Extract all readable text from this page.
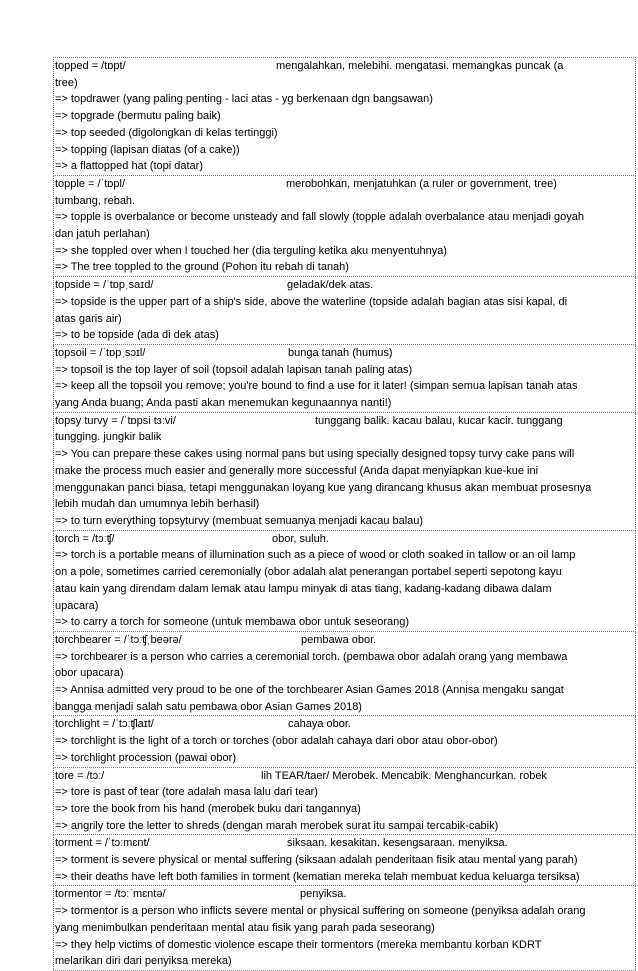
topped = /tɒpt/	mengalahkan, melebihi. mengatasi. memangkas puncak (a
tree)
=> topdrawer (yang paling penting - laci atas - yg berkenaan dgn bangsawan)
=> topgrade (bermutu paling baik)
=> top seeded (digolongkan di kelas tertinggi)
=> topping (lapisan diatas (of a cake))
=> a flattopped hat (topi datar)
topple = /ˈtɒpl/	merobohkan, menjatuhkan (a ruler or government, tree)
tumbang, rebah.
=> topple is overbalance or become unsteady and fall slowly (topple adalah overbalance atau menjadi goyah
dan jatuh perlahan)
=> she toppled over when I touched her (dia terguling ketika aku menyentuhnya)
=> The tree toppled to the ground (Pohon itu rebah di tanah)
topside = /ˈtɒpˌsaɪd/	geladak/dek atas.
=> topside is the upper part of a ship's side, above the waterline (topside adalah bagian atas sisi kapal, di
atas garis air)
=> to be topside (ada di dek atas)
topsoil = /ˈtɒpˌsɔɪl/	bunga tanah (humus)
=> topsoil is the top layer of soil (topsoil adalah lapisan tanah paling atas)
=> keep all the topsoil you remove; you're bound to find a use for it later! (simpan semua lapisan tanah atas
yang Anda buang; Anda pasti akan menemukan kegunaannya nanti!)
topsy turvy = /ˈtɒpsi tɜːvi/	tunggang balik. kacau balau, kucar kacir. tunggang
tungging. jungkir balik
=> You can prepare these cakes using normal pans but using specially designed topsy turvy cake pans will
make the process much easier and generally more successful (Anda dapat menyiapkan kue-kue ini
menggunakan panci biasa, tetapi menggunakan loyang kue yang dirancang khusus akan membuat prosesnya
lebih mudah dan umumnya lebih berhasil)
=> to turn everything topsyturvy (membuat semuanya menjadi kacau balau)
torch = /tɔːʧ/	obor, suluh.
=> torch is a portable means of illumination such as a piece of wood or cloth soaked in tallow or an oil lamp
on a pole, sometimes carried ceremonially (obor adalah alat penerangan portabel seperti sepotong kayu
atau kain yang direndam dalam lemak atau lampu minyak di atas tiang, kadang-kadang dibawa dalam
upacara)
=> to carry a torch for someone (untuk membawa obor untuk seseorang)
torchbearer = /ˈtɔːʧˌbeərə/	pembawa obor.
=> torchbearer is a person who carries a ceremonial torch. (pembawa obor adalah orang yang membawa
obor upacara)
=> Annisa admitted very proud to be one of the torchbearer Asian Games 2018 (Annisa mengaku sangat
bangga menjadi salah satu pembawa obor Asian Games 2018)
torchlight = /ˈtɔːʧlaɪt/	cahaya obor.
=> torchlight is the light of a torch or torches (obor adalah cahaya dari obor atau obor-obor)
=> torchlight procession (pawai obor)
tore = /tɔː/	lih TEAR/taer/ Merobek. Mencabik. Menghancurkan. robek
=> tore is past of tear (tore adalah masa lalu dari tear)
=> tore the book from his hand (merobek buku dari tangannya)
=> angrily tore the letter to shreds (dengan marah merobek surat itu sampai tercabik-cabik)
torment = /ˈtɔːmɛnt/	siksaan. kesakitan. kesengsaraan. menyiksa.
=> torment is severe physical or mental suffering (siksaan adalah penderitaan fisik atau mental yang parah)
=> their deaths have left both families in torment (kematian mereka telah membuat kedua keluarga tersiksa)
tormentor = /tɔːˈmɛntə/	penyiksa.
=> tormentor is a person who inflicts severe mental or physical suffering on someone (penyiksa adalah orang
yang menimbulkan penderitaan mental atau fisik yang parah pada seseorang)
=> they help victims of domestic violence escape their tormentors (mereka membantu korban KDRT
melarikan diri dari penyiksa mereka)
